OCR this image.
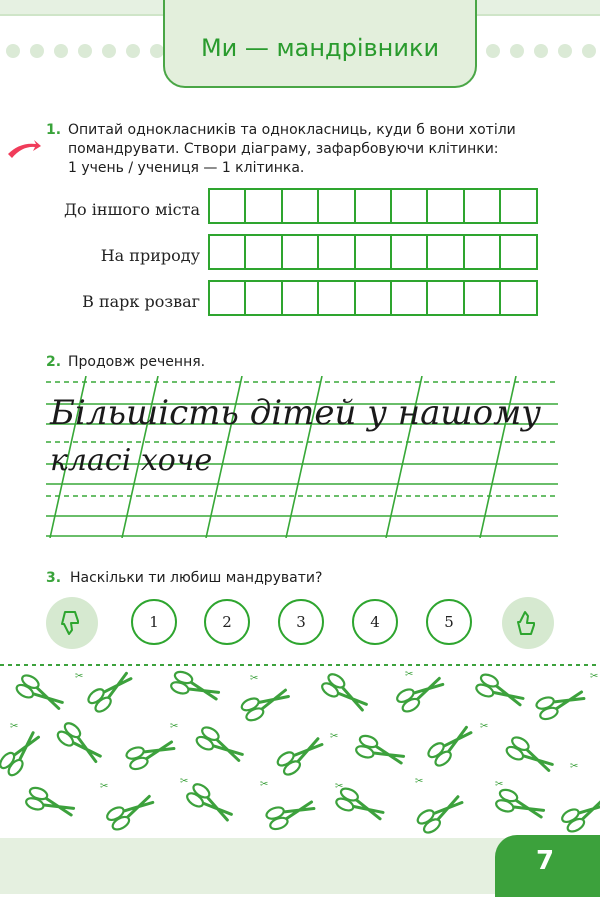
Ми — мандрівники
1. Опитай однокласників та однокласниць, куди б вони хотіли
помандрувати. Створи діаграму, зафарбовуючи клітинки:
1 учень / учениця — 1 клітинка.
До іншого міста
На природу
В парк розваг
2. Продовж речення.
Більшість дітей у нашому
класі хоче
3. Наскільки ти любиш мандрувати?
1	2	3	4	5
✂
✂
✂
✂
✂
✂
✂
✂
✂	✂	✂	✂	✂	✂
✂
7
